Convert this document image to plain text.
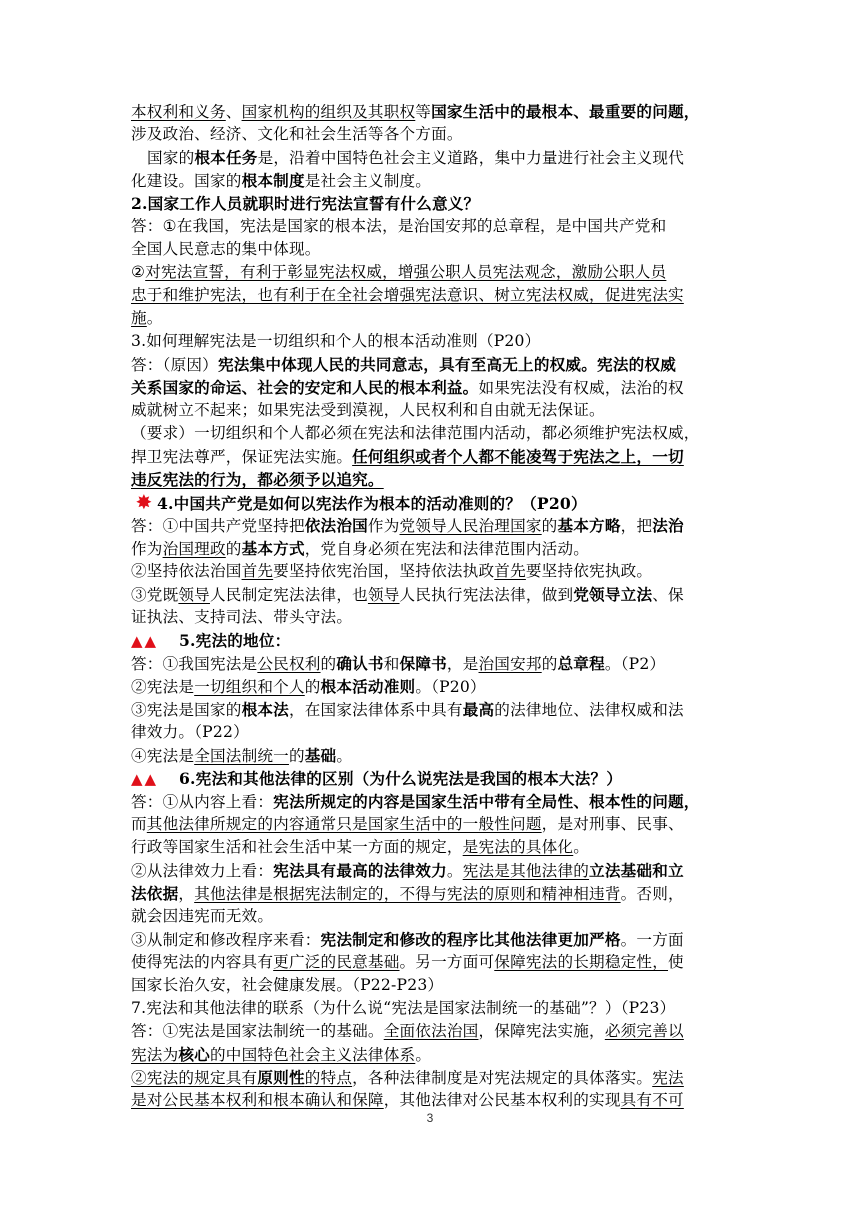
本权利和义务、国家机构的组织及其职权等国家生活中的最根本、最重要的问题，
涉及政治、经济、文化和社会生活等各个方面。
国家的根本任务是，沿着中国特色社会主义道路，集中力量进行社会主义现代
化建设。国家的根本制度是社会主义制度。
2.国家工作人员就职时进行宪法宣誓有什么意义？
答：①在我国，宪法是国家的根本法，是治国安邦的总章程，是中国共产党和
全国人民意志的集中体现。
②对宪法宣誓，有利于彰显宪法权威，增强公职人员宪法观念，激励公职人员
忠于和维护宪法，也有利于在全社会增强宪法意识、树立宪法权威，促进宪法实
施。
3.如何理解宪法是一切组织和个人的根本活动准则（P20）
答：（原因）宪法集中体现人民的共同意志，具有至高无上的权威。宪法的权威
关系国家的命运、社会的安定和人民的根本利益。如果宪法没有权威，法治的权
威就树立不起来；如果宪法受到漠视，人民权利和自由就无法保证。
（要求）一切组织和个人都必须在宪法和法律范围内活动，都必须维护宪法权威，
捍卫宪法尊严，保证宪法实施。任何组织或者个人都不能凌驾于宪法之上，一切
违反宪法的行为，都必须予以追究。
✸ 4.中国共产党是如何以宪法作为根本的活动准则的？（P20）
答：①中国共产党坚持把依法治国作为党领导人民治理国家的基本方略，把法治
作为治国理政的基本方式，党自身必须在宪法和法律范围内活动。
②坚持依法治国首先要坚持依宪治国，坚持依法执政首先要坚持依宪执政。
③党既领导人民制定宪法法律，也领导人民执行宪法法律，做到党领导立法、保
证执法、支持司法、带头守法。
▲▲ 5.宪法的地位：
答：①我国宪法是公民权利的确认书和保障书，是治国安邦的总章程。（P2）
②宪法是一切组织和个人的根本活动准则。（P20）
③宪法是国家的根本法，在国家法律体系中具有最高的法律地位、法律权威和法
律效力。（P22）
④宪法是全国法制统一的基础。
▲▲ 6.宪法和其他法律的区别（为什么说宪法是我国的根本大法？）
答：①从内容上看：宪法所规定的内容是国家生活中带有全局性、根本性的问题，
而其他法律所规定的内容通常只是国家生活中的一般性问题，是对刑事、民事、
行政等国家生活和社会生活中某一方面的规定，是宪法的具体化。
②从法律效力上看：宪法具有最高的法律效力。宪法是其他法律的立法基础和立
法依据，其他法律是根据宪法制定的，不得与宪法的原则和精神相违背。否则，
就会因违宪而无效。
③从制定和修改程序来看：宪法制定和修改的程序比其他法律更加严格。一方面
使得宪法的内容具有更广泛的民意基础。另一方面可保障宪法的长期稳定性，使
国家长治久安，社会健康发展。（P22-P23）
7.宪法和其他法律的联系（为什么说“宪法是国家法制统一的基础”？）（P23）
答：①宪法是国家法制统一的基础。全面依法治国，保障宪法实施，必须完善以
宪法为核心的中国特色社会主义法律体系。
②宪法的规定具有原则性的特点，各种法律制度是对宪法规定的具体落实。宪法
是对公民基本权利和根本确认和保障，其他法律对公民基本权利的实现具有不可
3
